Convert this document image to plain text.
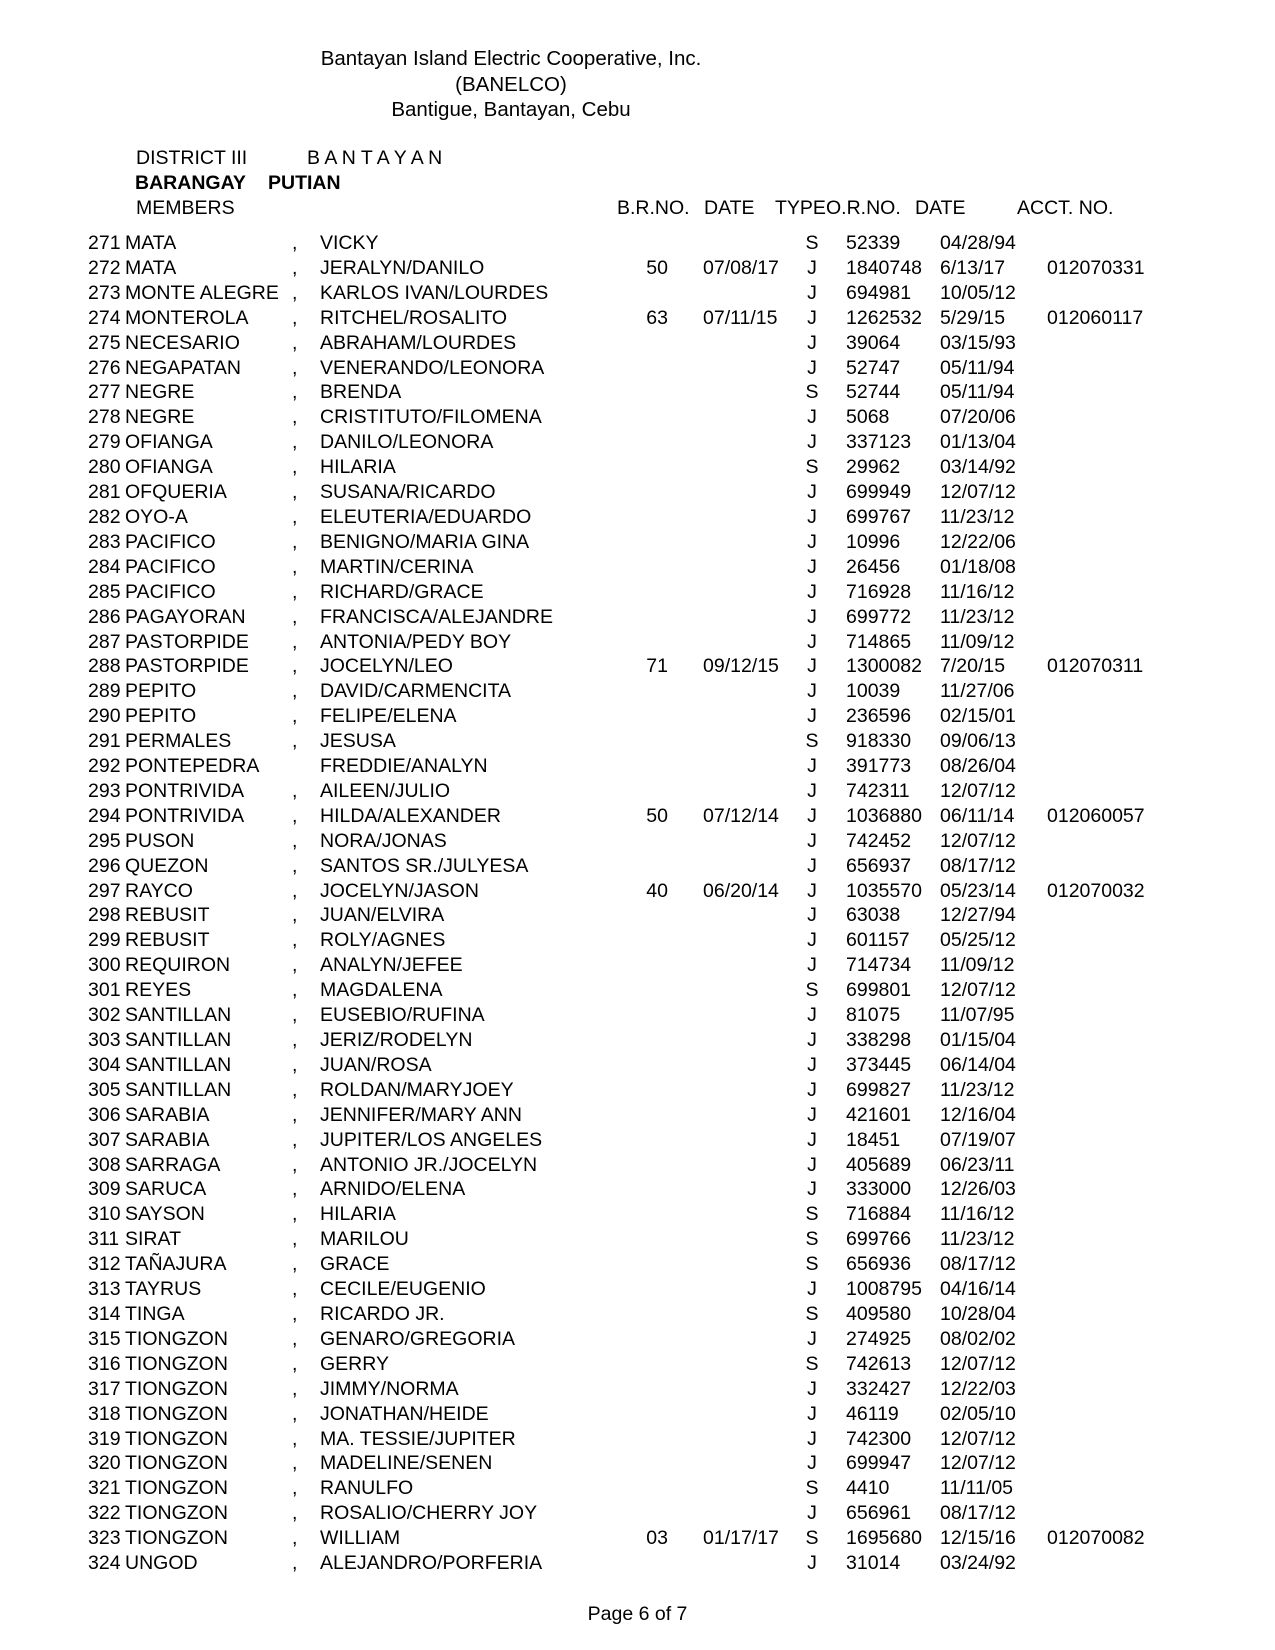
Bantayan Island Electric Cooperative, Inc.
(BANELCO)
Bantigue, Bantayan, Cebu
DISTRICT III	B A N T A Y A N
BARANGAY PUTIAN
MEMBERS	B.R.NO. DATE TYPE O.R.NO. DATE	ACCT. NO.
271 MATA	, VICKY	S 52339 04/28/94
272 MATA	, JERALYN/DANILO	50 07/08/17	J	1840748 6/13/17 012070331
273 MONTE ALEGRE , KARLOS IVAN/LOURDES	J	694981 10/05/12
274 MONTEROLA , RITCHEL/ROSALITO	63 07/11/15	J	1262532 5/29/15 012060117
275 NECESARIO	, ABRAHAM/LOURDES	J	39064 03/15/93
276 NEGAPATAN	, VENERANDO/LEONORA	J	52747 05/11/94
277 NEGRE	, BRENDA	S 52744 05/11/94
278 NEGRE	, CRISTITUTO/FILOMENA	J	5068	07/20/06
279 OFIANGA	, DANILO/LEONORA	J	337123 01/13/04
280 OFIANGA	, HILARIA	S 29962 03/14/92
281 OFQUERIA	, SUSANA/RICARDO	J	699949 12/07/12
282 OYO-A	, ELEUTERIA/EDUARDO	J	699767 11/23/12
283 PACIFICO	, BENIGNO/MARIA GINA	J	10996 12/22/06
284 PACIFICO	, MARTIN/CERINA	J	26456 01/18/08
285 PACIFICO	, RICHARD/GRACE	J	716928 11/16/12
286 PAGAYORAN , FRANCISCA/ALEJANDRE	J	699772 11/23/12
287 PASTORPIDE , ANTONIA/PEDY BOY	J	714865 11/09/12
288 PASTORPIDE , JOCELYN/LEO	71 09/12/15	J	1300082 7/20/15 012070311
289 PEPITO	, DAVID/CARMENCITA	J	10039 11/27/06
290 PEPITO	, FELIPE/ELENA	J	236596 02/15/01
291 PERMALES	, JESUSA	S 918330 09/06/13
292 PONTEPEDRA	FREDDIE/ANALYN	J	391773 08/26/04
293 PONTRIVIDA , AILEEN/JULIO	J	742311 12/07/12
294 PONTRIVIDA , HILDA/ALEXANDER	50 07/12/14	J	1036880 06/11/14 012060057
295 PUSON	, NORA/JONAS	J	742452 12/07/12
296 QUEZON	, SANTOS SR./JULYESA	J	656937 08/17/12
297 RAYCO	, JOCELYN/JASON	40 06/20/14	J	1035570 05/23/14 012070032
298 REBUSIT	, JUAN/ELVIRA	J	63038 12/27/94
299 REBUSIT	, ROLY/AGNES	J	601157 05/25/12
300 REQUIRON	, ANALYN/JEFEE	J	714734 11/09/12
301 REYES	, MAGDALENA	S 699801 12/07/12
302 SANTILLAN	, EUSEBIO/RUFINA	J	81075 11/07/95
303 SANTILLAN	, JERIZ/RODELYN	J	338298 01/15/04
304 SANTILLAN	, JUAN/ROSA	J	373445 06/14/04
305 SANTILLAN	, ROLDAN/MARYJOEY	J	699827 11/23/12
306 SARABIA	, JENNIFER/MARY ANN	J	421601 12/16/04
307 SARABIA	, JUPITER/LOS ANGELES	J	18451 07/19/07
308 SARRAGA	, ANTONIO JR./JOCELYN	J	405689 06/23/11
309 SARUCA	, ARNIDO/ELENA	J	333000 12/26/03
310 SAYSON	, HILARIA	S 716884 11/16/12
311 SIRAT	, MARILOU	S 699766 11/23/12
312 TAÑAJURA	, GRACE	S 656936 08/17/12
313 TAYRUS	, CECILE/EUGENIO	J	1008795 04/16/14
314 TINGA	, RICARDO JR.	S 409580 10/28/04
315 TIONGZON	, GENARO/GREGORIA	J	274925 08/02/02
316 TIONGZON	, GERRY	S 742613 12/07/12
317 TIONGZON	, JIMMY/NORMA	J	332427 12/22/03
318 TIONGZON	, JONATHAN/HEIDE	J	46119 02/05/10
319 TIONGZON	, MA. TESSIE/JUPITER	J	742300 12/07/12
320 TIONGZON	, MADELINE/SENEN	J	699947 12/07/12
321 TIONGZON	, RANULFO	S 4410	11/11/05
322 TIONGZON	, ROSALIO/CHERRY JOY	J	656961 08/17/12
323 TIONGZON	, WILLIAM	03 01/17/17 S 1695680 12/15/16 012070082
324 UNGOD	, ALEJANDRO/PORFERIA	J	31014 03/24/92
Page 6 of 7
